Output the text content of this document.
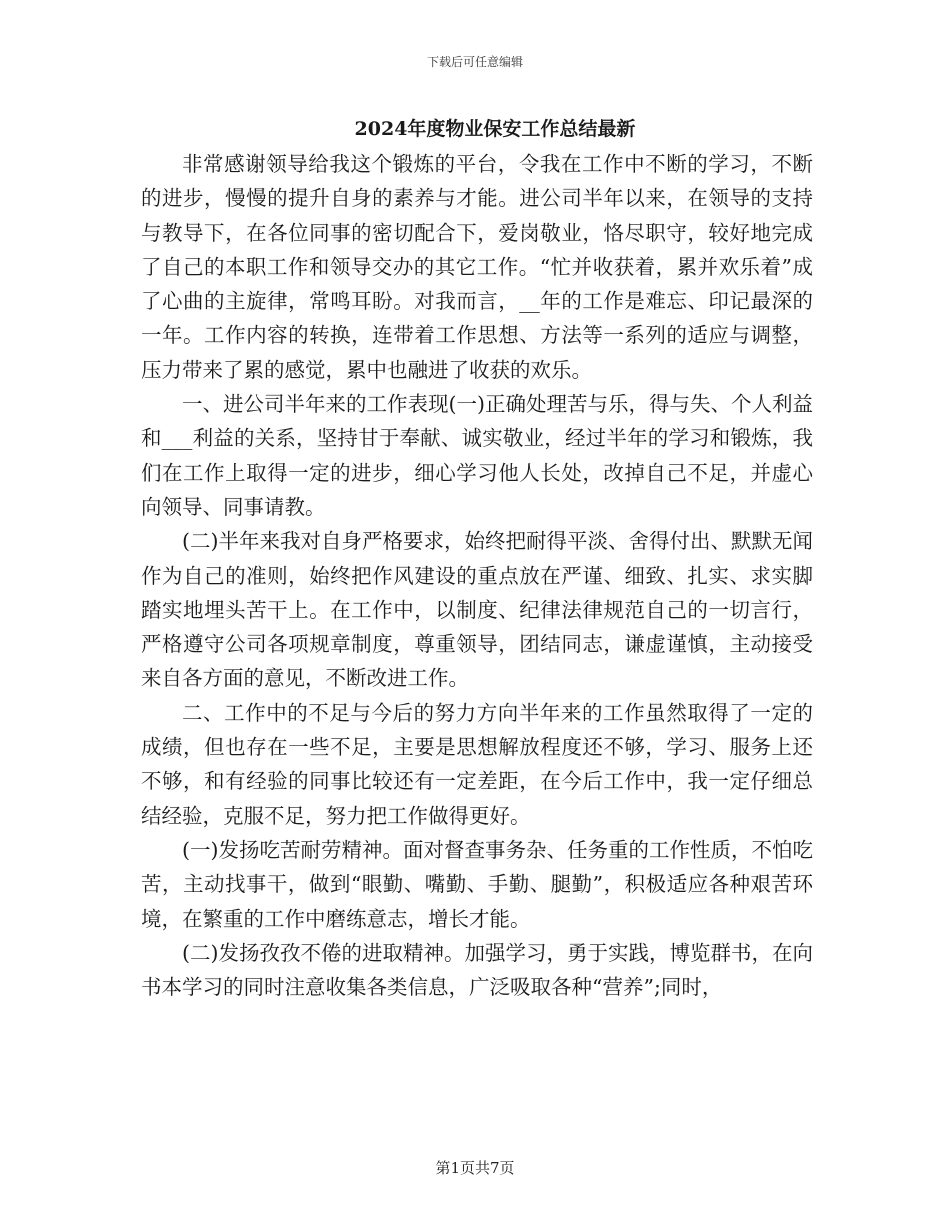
下载后可任意编辑
2024年度物业保安工作总结最新

非常感谢领导给我这个锻炼的平台，令我在工作中不断的学习，不断的进步，慢慢的提升自身的素养与才能。进公司半年以来，在领导的支持与教导下，在各位同事的密切配合下，爱岗敬业，恪尽职守，较好地完成了自己的本职工作和领导交办的其它工作。“忙并收获着，累并欢乐着”成了心曲的主旋律，常鸣耳盼。对我而言，__年的工作是难忘、印记最深的一年。工作内容的转换，连带着工作思想、方法等一系列的适应与调整，压力带来了累的感觉，累中也融进了收获的欢乐。

一、进公司半年来的工作表现(一)正确处理苦与乐，得与失、个人利益和___利益的关系，坚持甘于奉献、诚实敬业，经过半年的学习和锻炼，我们在工作上取得一定的进步，细心学习他人长处，改掉自己不足，并虚心向领导、同事请教。

(二)半年来我对自身严格要求，始终把耐得平淡、舍得付出、默默无闻作为自己的准则，始终把作风建设的重点放在严谨、细致、扎实、求实脚踏实地埋头苦干上。在工作中，以制度、纪律法律规范自己的一切言行，严格遵守公司各项规章制度，尊重领导，团结同志，谦虚谨慎，主动接受来自各方面的意见，不断改进工作。

二、工作中的不足与今后的努力方向半年来的工作虽然取得了一定的成绩，但也存在一些不足，主要是思想解放程度还不够，学习、服务上还不够，和有经验的同事比较还有一定差距，在今后工作中，我一定仔细总结经验，克服不足，努力把工作做得更好。

(一)发扬吃苦耐劳精神。面对督查事务杂、任务重的工作性质，不怕吃苦，主动找事干，做到“眼勤、嘴勤、手勤、腿勤”，积极适应各种艰苦环境，在繁重的工作中磨练意志，增长才能。

(二)发扬孜孜不倦的进取精神。加强学习，勇于实践，博览群书，在向书本学习的同时注意收集各类信息，广泛吸取各种“营养”;同时，

第1页共7页
